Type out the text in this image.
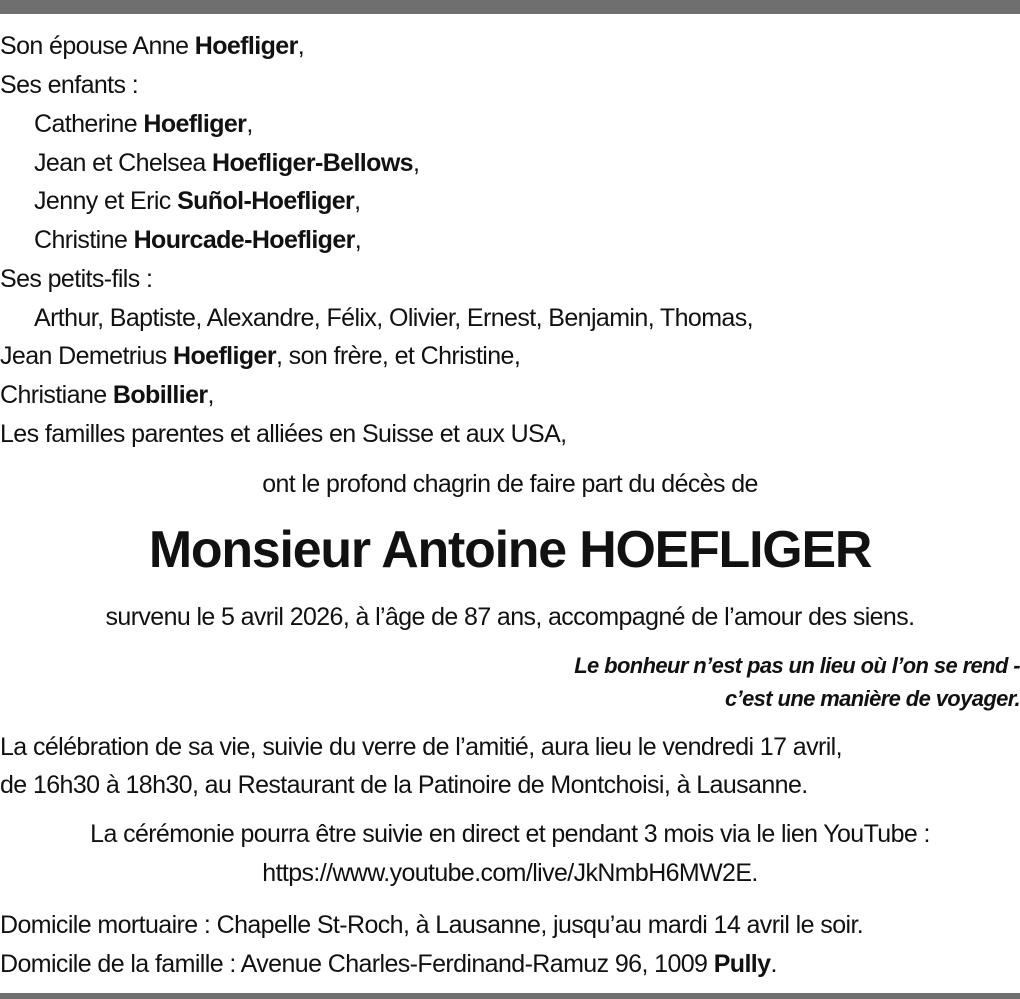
Son épouse Anne Hoefliger,
Ses enfants :
Catherine Hoefliger,
Jean et Chelsea Hoefliger-Bellows,
Jenny et Eric Suñol-Hoefliger,
Christine Hourcade-Hoefliger,
Ses petits-fils :
Arthur, Baptiste, Alexandre, Félix, Olivier, Ernest, Benjamin, Thomas,
Jean Demetrius Hoefliger, son frère, et Christine,
Christiane Bobillier,
Les familles parentes et alliées en Suisse et aux USA,
ont le profond chagrin de faire part du décès de
Monsieur Antoine HOEFLIGER
survenu le 5 avril 2026, à l’âge de 87 ans, accompagné de l’amour des siens.
Le bonheur n’est pas un lieu où l’on se rend -
c’est une manière de voyager.
La célébration de sa vie, suivie du verre de l’amitié, aura lieu le vendredi 17 avril,
de 16h30 à 18h30, au Restaurant de la Patinoire de Montchoisi, à Lausanne.
La cérémonie pourra être suivie en direct et pendant 3 mois via le lien YouTube :
https://www.youtube.com/live/JkNmbH6MW2E.
Domicile mortuaire : Chapelle St-Roch, à Lausanne, jusqu’au mardi 14 avril le soir.
Domicile de la famille : Avenue Charles-Ferdinand-Ramuz 96, 1009 Pully.
